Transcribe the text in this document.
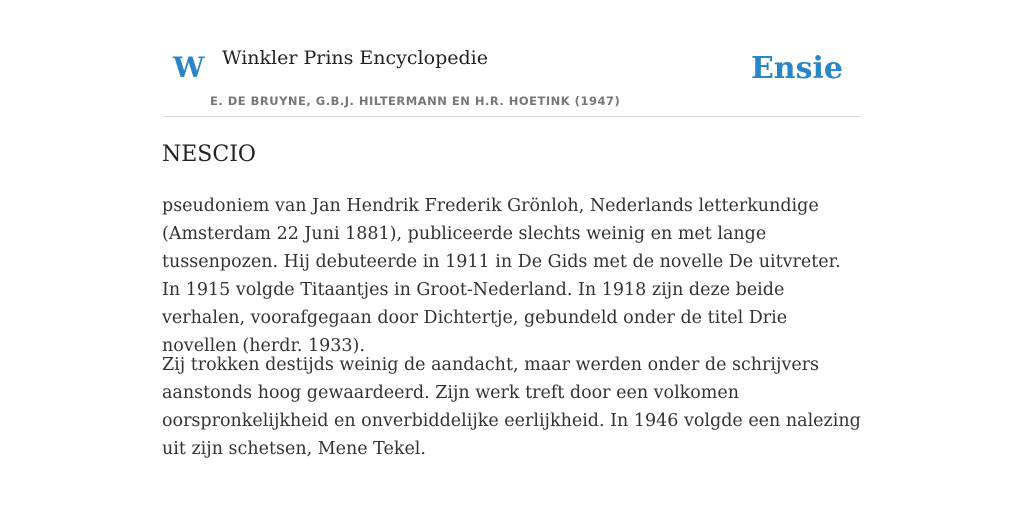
W Winkler Prins Encyclopedie
E. DE BRUYNE, G.B.J. HILTERMANN EN H.R. HOETINK (1947)
Ensie
NESCIO

pseudoniem van Jan Hendrik Frederik Grönloh, Nederlands letterkundige (Amsterdam 22 Juni 1881), publiceerde slechts weinig en met lange tussenpozen. Hij debuteerde in 1911 in De Gids met de novelle De uitvreter. In 1915 volgde Titaantjes in Groot-Nederland. In 1918 zijn deze beide verhalen, voorafgegaan door Dichtertje, gebundeld onder de titel Drie novellen (herdr. 1933).

Zij trokken destijds weinig de aandacht, maar werden onder de schrijvers aanstonds hoog gewaardeerd. Zijn werk treft door een volkomen oorspronkelijkheid en onverbiddelijke eerlijkheid. In 1946 volgde een nalezing uit zijn schetsen, Mene Tekel.
